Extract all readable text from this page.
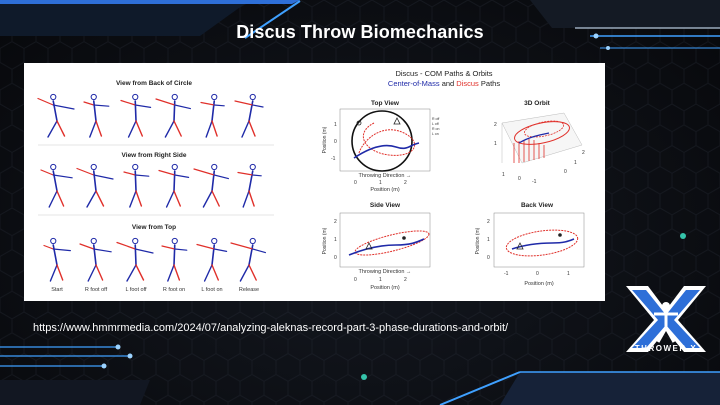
Discus Throw Biomechanics
View from Back of Circle
View from Right Side
View from Top
Start	R foot off	L foot off	R foot on	L foot on	Release
Discus - COM Paths & Orbits
Center-of-Mass and Discus Paths
Top View
R off
L off
R on
L on
1
0
-1
Position (m)
Throwing Direction →
0	1	2
Position (m)
3D Orbit
2
1
1
0 -1
0
1
2
Side View
2
1
0
Position (m)
Throwing Direction →
0	1	2
Position (m)
Back View
2
1
0
Position (m)
-1	0	1
Position (m)
https://www.hmmrmedia.com/2024/07/analyzing-aleknas-record-part-3-phase-durations-and-orbit/
THROWER X
